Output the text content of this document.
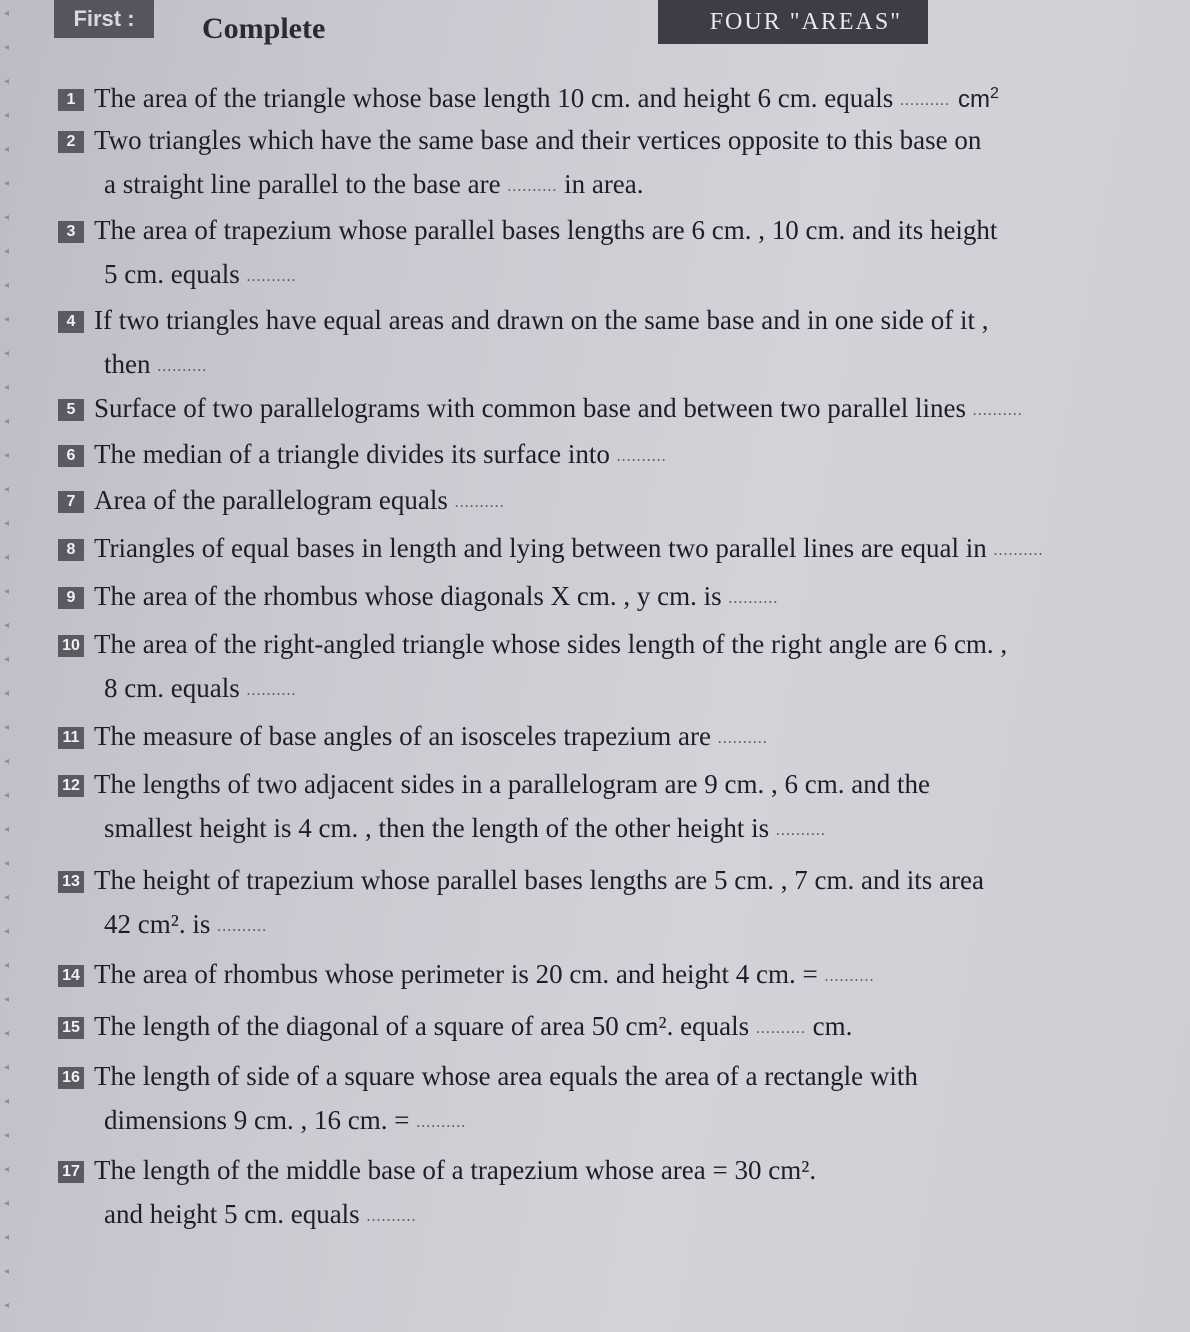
◂
◂
◂
◂
◂
◂
◂
◂
◂
◂
◂
◂
◂
◂
◂
◂
◂
◂
◂
◂
◂
◂
◂
◂
◂
◂
◂
◂
◂
◂
◂
◂
◂
◂
◂
◂
◂
◂
◂
First :	Complete	FOUR "AREAS"
1 The area of the triangle whose base length 10 cm. and height 6 cm. equals .......... $cm^2$
2 Two triangles which have the same base and their vertices opposite to this base on
a straight line parallel to the base are .......... in area.
3 The area of trapezium whose parallel bases lengths are 6 cm. , 10 cm. and its height
5 cm. equals ..........
4 If two triangles have equal areas and drawn on the same base and in one side of it ,
then ..........
5 Surface of two parallelograms with common base and between two parallel lines ..........
6 The median of a triangle divides its surface into ..........
7 Area of the parallelogram equals ..........
8 Triangles of equal bases in length and lying between two parallel lines are equal in ..........
9 The area of the rhombus whose diagonals X cm. , y cm. is ..........
10 The area of the right-angled triangle whose sides length of the right angle are 6 cm. ,
8 cm. equals ..........
11 The measure of base angles of an isosceles trapezium are ..........
12 The lengths of two adjacent sides in a parallelogram are 9 cm. , 6 cm. and the
smallest height is 4 cm. , then the length of the other height is ..........
13 The height of trapezium whose parallel bases lengths are 5 cm. , 7 cm. and its area
42 cm². is ..........
14 The area of rhombus whose perimeter is 20 cm. and height 4 cm. = ..........
15 The length of the diagonal of a square of area 50 cm². equals .......... cm.
16 The length of side of a square whose area equals the area of a rectangle with
dimensions 9 cm. , 16 cm. = ..........
17 The length of the middle base of a trapezium whose area = 30 cm².
and height 5 cm. equals ..........
